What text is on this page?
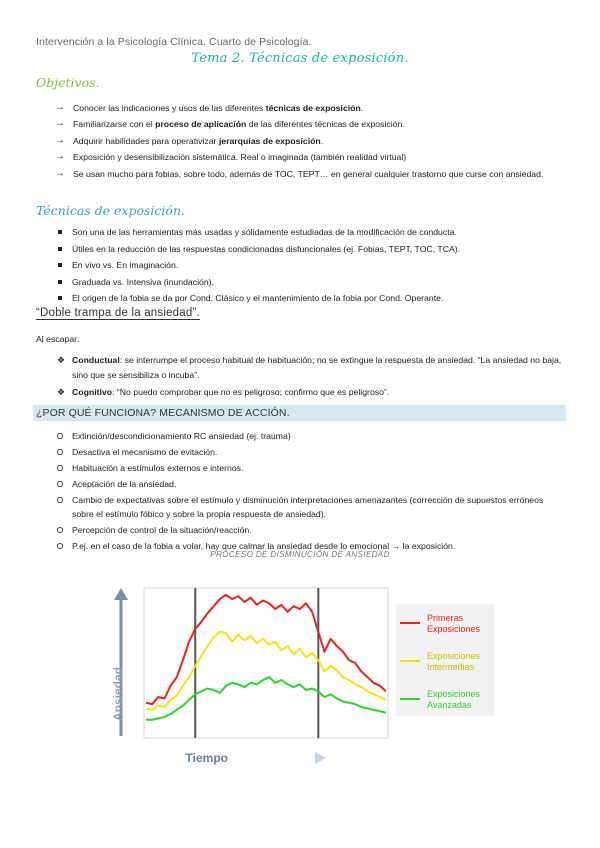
Intervención a la Psicología Clínica. Cuarto de Psicología.
Tema 2. Técnicas de exposición.
Objetivos.
→ Conocer las indicaciones y usos de las diferentes técnicas de exposición.
→ Familiarizarse con el proceso de aplicación de las diferentes técnicas de exposición.
→ Adquirir habilidades para operativizar jerarquías de exposición.
→ Exposición y desensibilización sistemática. Real o imaginada (también realidad virtual)
→ Se usan mucho para fobias, sobre todo, además de TOC, TEPT… en general cualquier trastorno que curse con ansiedad.
Técnicas de exposición.
Son una de las herramientas más usadas y sólidamente estudiadas de la modificación de conducta.
Útiles en la reducción de las respuestas condicionadas disfuncionales (ej. Fobias, TEPT, TOC, TCA).
En vivo vs. En imaginación.
Graduada vs. Intensiva (inundación).
El origen de la fobia se da por Cond. Clásico y el mantenimiento de la fobia por Cond. Operante.
“Doble trampa de la ansiedad”.
Al escapar:
❖ Conductual: se interrumpe el proceso habitual de habituación; no se extingue la respuesta de ansiedad. “La ansiedad no baja, sino que se sensibiliza o incuba”.
❖ Cognitivo: “No puedo comprobar que no es peligroso; confirmo que es peligroso”.
¿POR QUÉ FUNCIONA? MECANISMO DE ACCIÓN.
Extinción/descondicionamiento RC ansiedad (ej. trauma)
Desactiva el mecanismo de evitación.
Habituación a estímulos externos e internos.
Aceptación de la ansiedad.
Cambio de expectativas sobre el estímulo y disminución interpretaciones amenazantes (corrección de supuestos erróneos sobre el estímulo fóbico y sobre la propia respuesta de ansiedad).
Percepción de control de la situación/reacción.
P.ej. en el caso de la fobia a volar, hay que calmar la ansiedad desde lo emocional → la exposición.
PROCESO DE DISMINUCIÓN DE ANSIEDAD
Ansiedad
Tiempo
Primeras
Exposiciones
Exposiciones
Intermedias
Exposiciones
Avanzadas
